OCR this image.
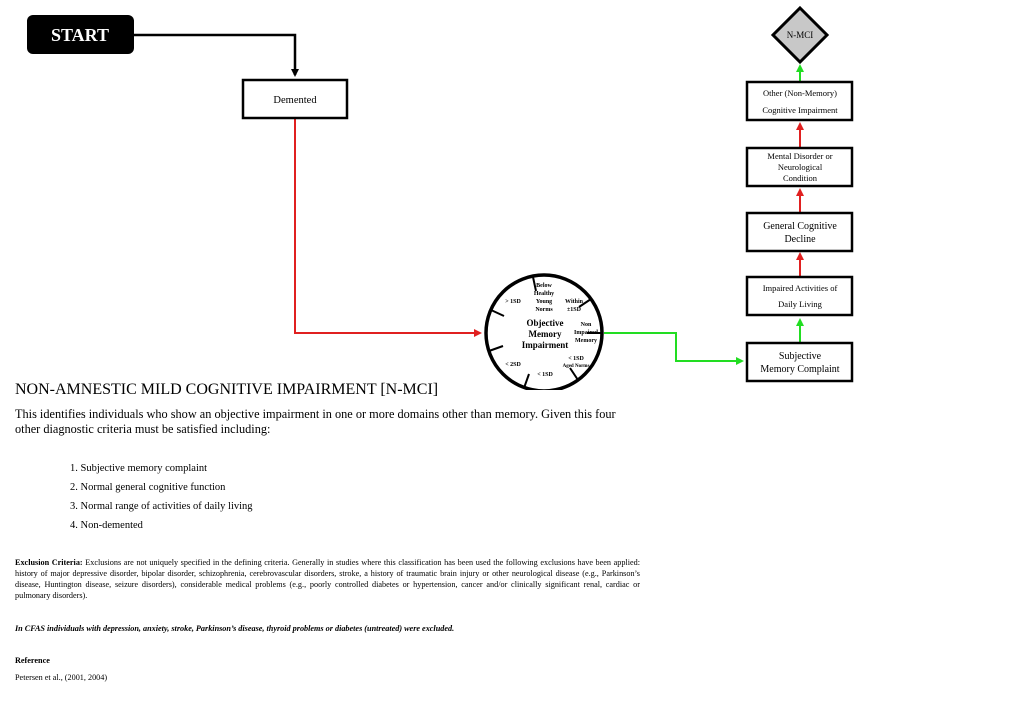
START
Demented
N-MCI
Other (Non-Memory)
Cognitive Impairment
Mental Disorder or
Neurological
Condition
General Cognitive
Decline
Impaired Activities of
Daily Living
Subjective
Memory Complaint
Objective
Memory
Impairment
Below
Healthy
Young
Norms
Within
±1SD
Non
Impaired
Memory
< 1SD
Aged Norms
< 1SD
< 2SD
> 1SD
NON-AMNESTIC MILD COGNITIVE IMPAIRMENT [N-MCI]

This identifies individuals who show an objective impairment in one or more domains other than memory. Given this four other diagnostic criteria must be satisfied including:

1. Subjective memory complaint
2. Normal general cognitive function
3. Normal range of activities of daily living
4. Non-demented

Exclusion Criteria: Exclusions are not uniquely specified in the defining criteria. Generally in studies where this classification has been used the following exclusions have been applied: history of major depressive disorder, bipolar disorder, schizophrenia, cerebrovascular disorders, stroke, a history of traumatic brain injury or other neurological disease (e.g., Parkinson’s disease, Huntington disease, seizure disorders), considerable medical problems (e.g., poorly controlled diabetes or hypertension, cancer and/or clinically significant renal, cardiac or pulmonary disorders).

In CFAS individuals with depression, anxiety, stroke, Parkinson’s disease, thyroid problems or diabetes (untreated) were excluded.

Reference

Petersen et al., (2001, 2004)
